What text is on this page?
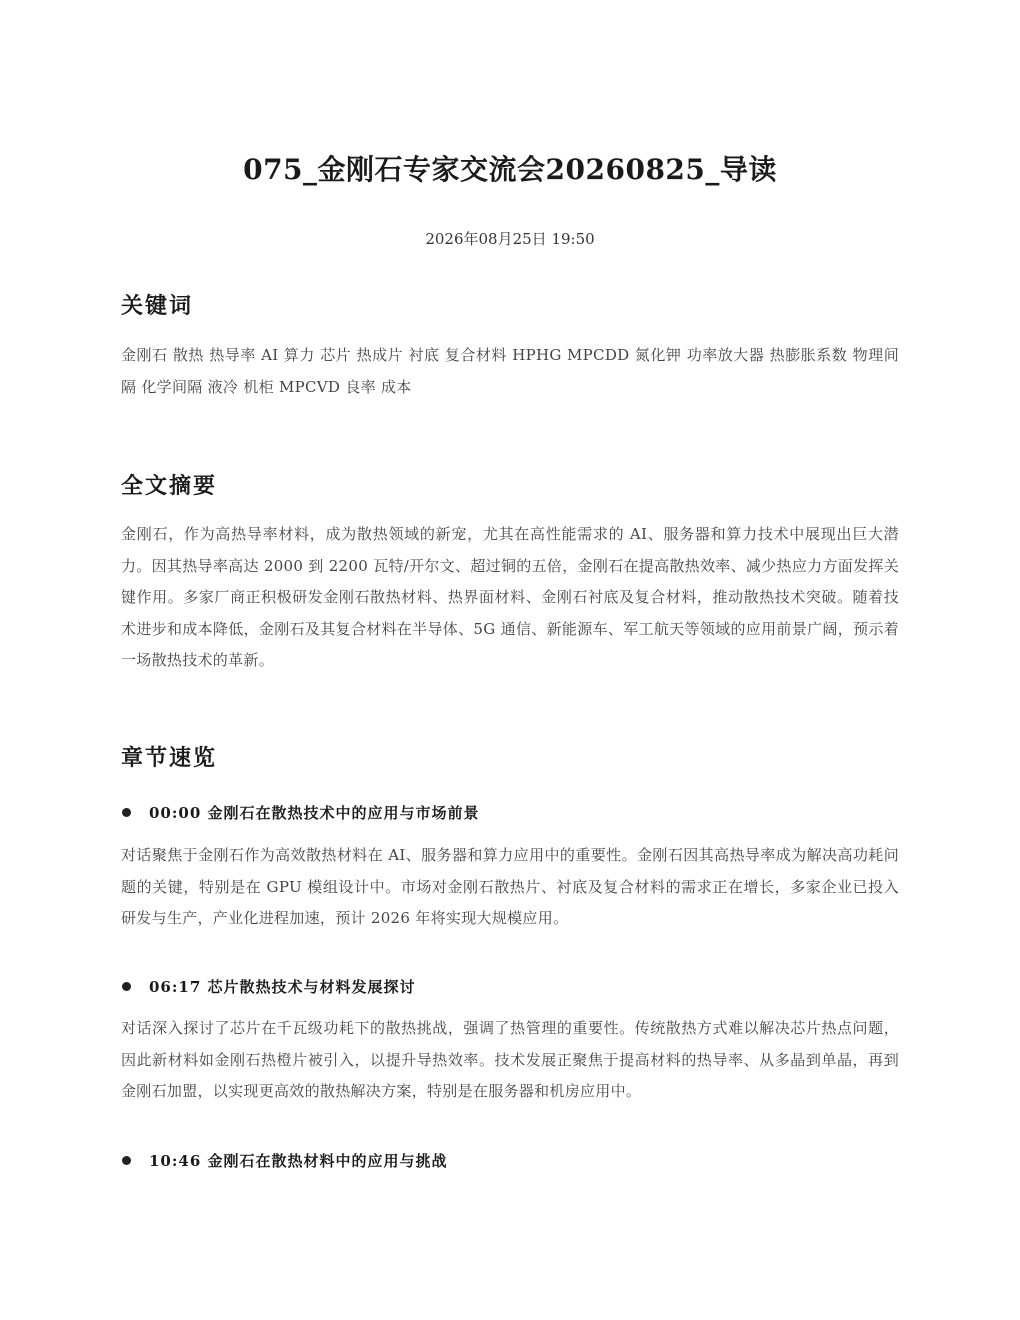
075_金刚石专家交流会20260825_导读
2026年08月25日 19:50
关键词

金刚石 散热 热导率 AI 算力 芯片 热成片 衬底 复合材料 HPHG MPCDD 氮化钾 功率放大器 热膨胀系数 物理间隔 化学间隔 液冷 机柜 MPCVD 良率 成本

全文摘要

金刚石，作为高热导率材料，成为散热领域的新宠，尤其在高性能需求的 AI、服务器和算力技术中展现出巨大潜力。因其热导率高达 2000 到 2200 瓦特/开尔文、超过铜的五倍，金刚石在提高散热效率、减少热应力方面发挥关键作用。多家厂商正积极研发金刚石散热材料、热界面材料、金刚石衬底及复合材料，推动散热技术突破。随着技术进步和成本降低，金刚石及其复合材料在半导体、5G 通信、新能源车、军工航天等领域的应用前景广阔，预示着一场散热技术的革新。

章节速览
00:00 金刚石在散热技术中的应用与市场前景

对话聚焦于金刚石作为高效散热材料在 AI、服务器和算力应用中的重要性。金刚石因其高热导率成为解决高功耗问题的关键，特别是在 GPU 模组设计中。市场对金刚石散热片、衬底及复合材料的需求正在增长，多家企业已投入研发与生产，产业化进程加速，预计 2026 年将实现大规模应用。

06:17 芯片散热技术与材料发展探讨

对话深入探讨了芯片在千瓦级功耗下的散热挑战，强调了热管理的重要性。传统散热方式难以解决芯片热点问题，因此新材料如金刚石热橙片被引入，以提升导热效率。技术发展正聚焦于提高材料的热导率、从多晶到单晶，再到金刚石加盟，以实现更高效的散热解决方案，特别是在服务器和机房应用中。

10:46 金刚石在散热材料中的应用与挑战
